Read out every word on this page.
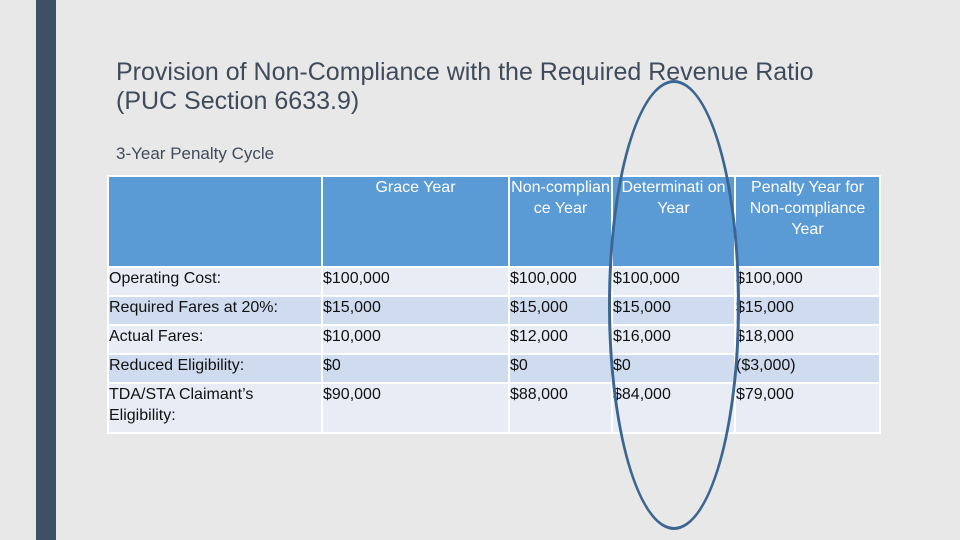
Provision of Non-Compliance with the Required Revenue Ratio (PUC Section 6633.9)
3-Year Penalty Cycle
	Grace Year	Non-complian ce Year	Determinati on Year	Penalty Year for Non-compliance Year
Operating Cost:	$100,000	$100,000	$100,000	$100,000
Required Fares at 20%:	$15,000	$15,000	$15,000	$15,000
Actual Fares:	$10,000	$12,000	$16,000	$18,000
Reduced Eligibility:	$0	$0	$0	($3,000)
TDA/STA Claimant’s Eligibility:	$90,000	$88,000	$84,000	$79,000
